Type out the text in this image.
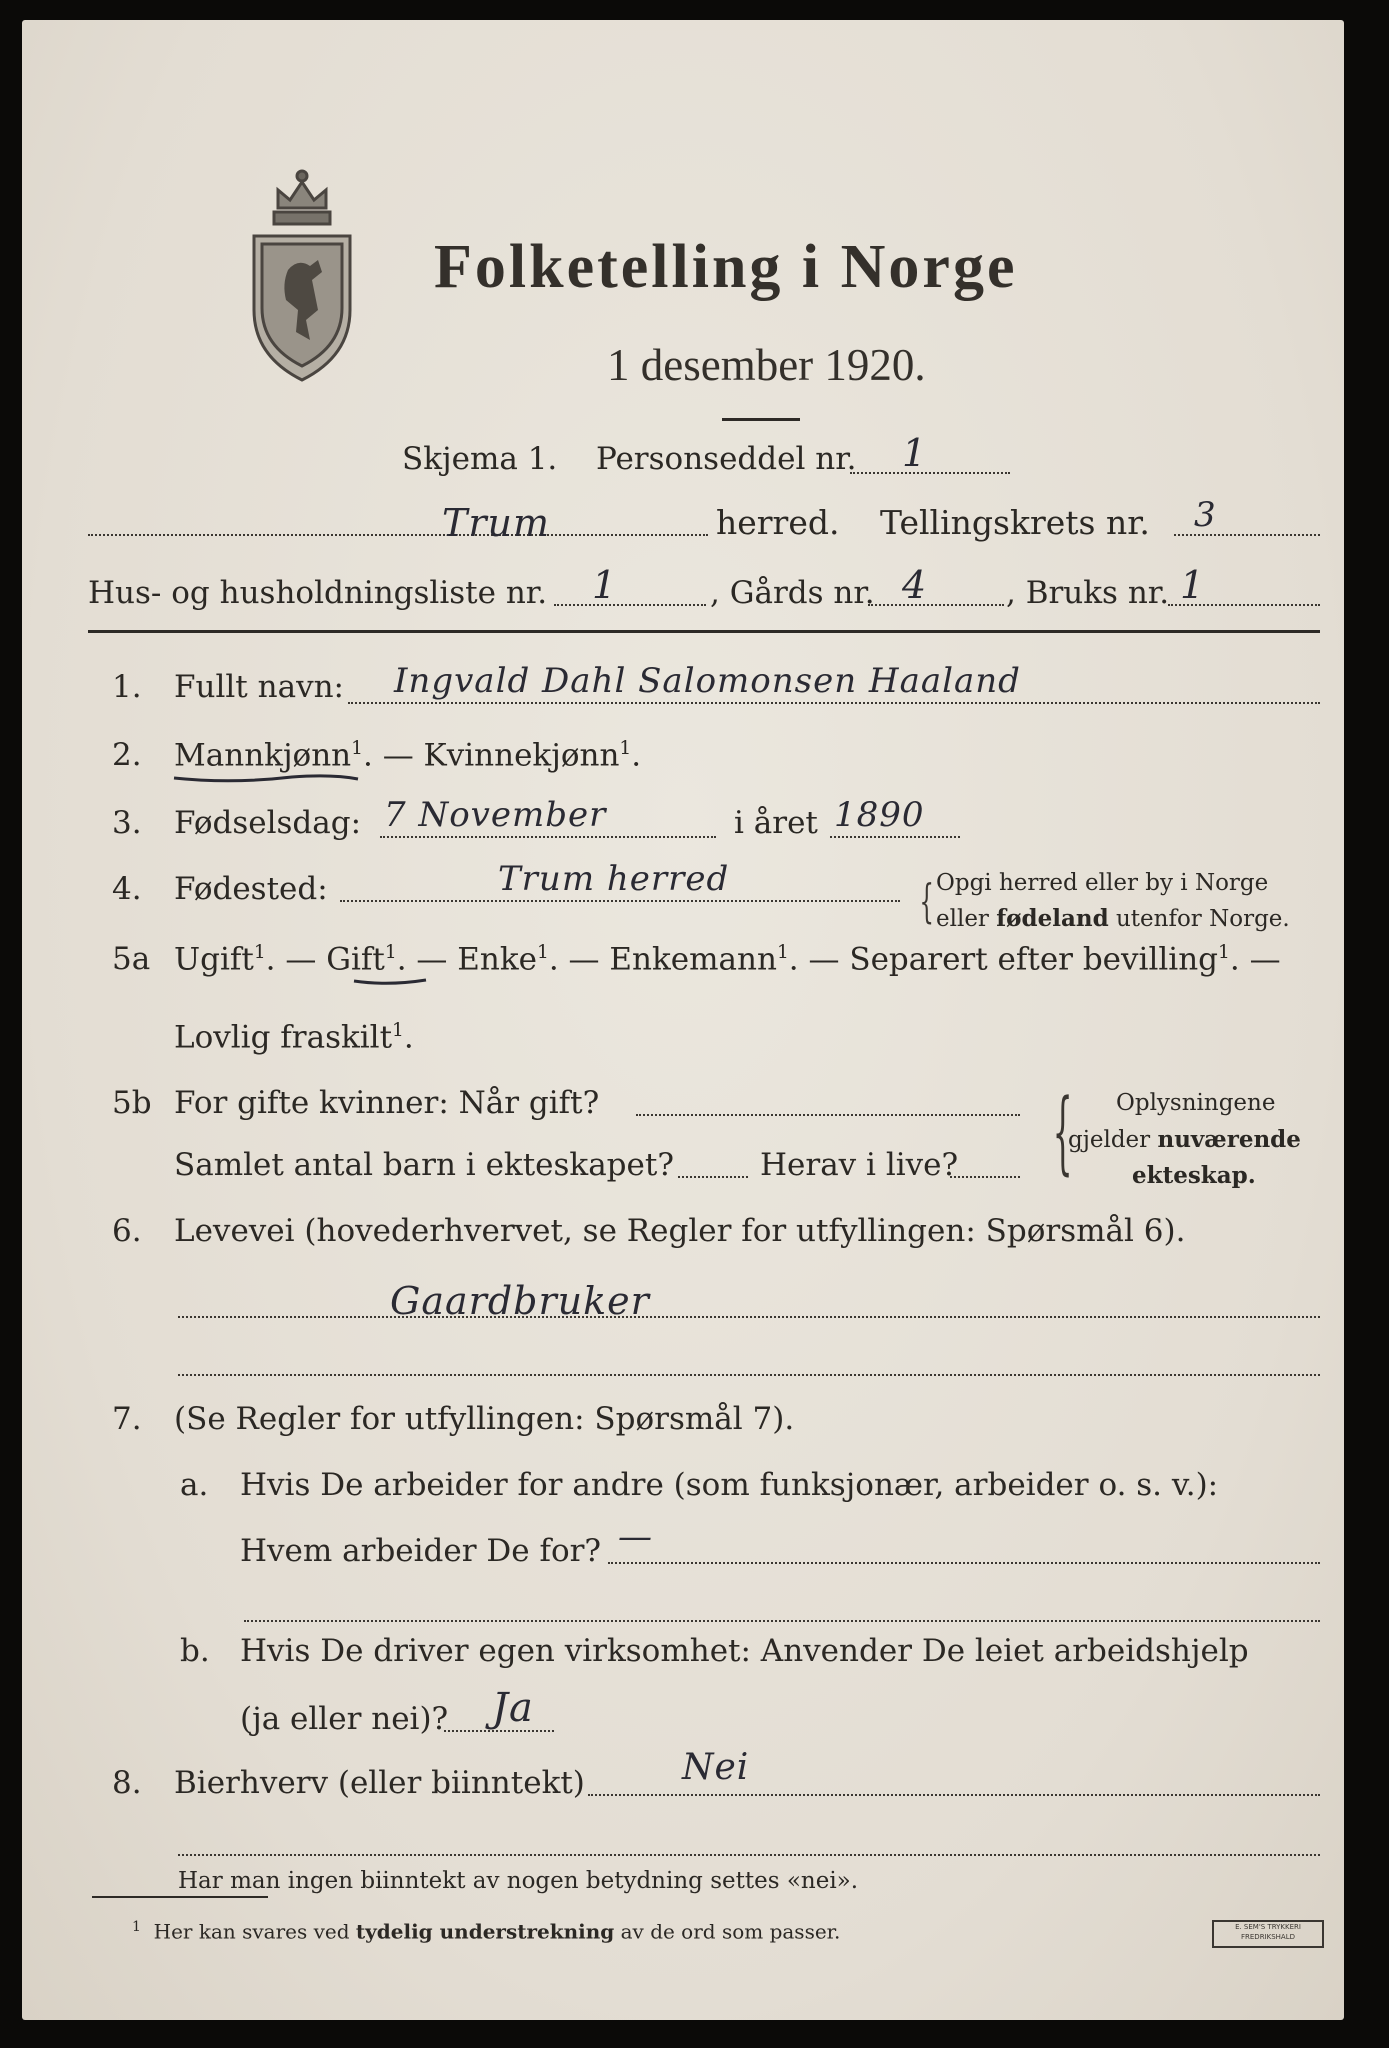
Folketelling i Norge
1 desember 1920.
Skjema 1. Personseddel nr. 1
Trum	herred. Tellingskrets nr. 3
Hus- og husholdningsliste nr. 1	, Gårds nr. 4	, Bruks nr. 1
1. Fullt navn: Ingvald Dahl Salomonsen Haaland
2. Mannkjønn$^1$. — Kvinnekjønn$^1$.
3. Fødselsdag: 7 November	i året 1890
4. Fødested:	Trum herred	{ Opgi herred eller by i Norge
eller fødeland utenfor Norge.
5a Ugift$^1$. — Gift$^1$. — Enke$^1$. — Enkemann$^1$. — Separert efter bevilling$^1$. —
Lovlig fraskilt$^1$.
5b For gifte kvinner: Når gift?
Samlet antal barn i ekteskapet?	Herav i live? { Oplysningene
gjelder nuværende
ekteskap.
6. Levevei (hovederhvervet, se Regler for utfyllingen: Spørsmål 6).
Gaardbruker
7. (Se Regler for utfyllingen: Spørsmål 7).
a. Hvis De arbeider for andre (som funksjonær, arbeider o. s. v.):
Hvem arbeider De for? —
b. Hvis De driver egen virksomhet: Anvender De leiet arbeidshjelp
(ja eller nei)? Ja
8. Bierhverv (eller biinntekt)	Nei
Har man ingen biinntekt av nogen betydning settes «nei».
$^1$ Her kan svares ved tydelig understrekning av de ord som passer.	E. SEM'S TRYKKERI
FREDRIKSHALD
